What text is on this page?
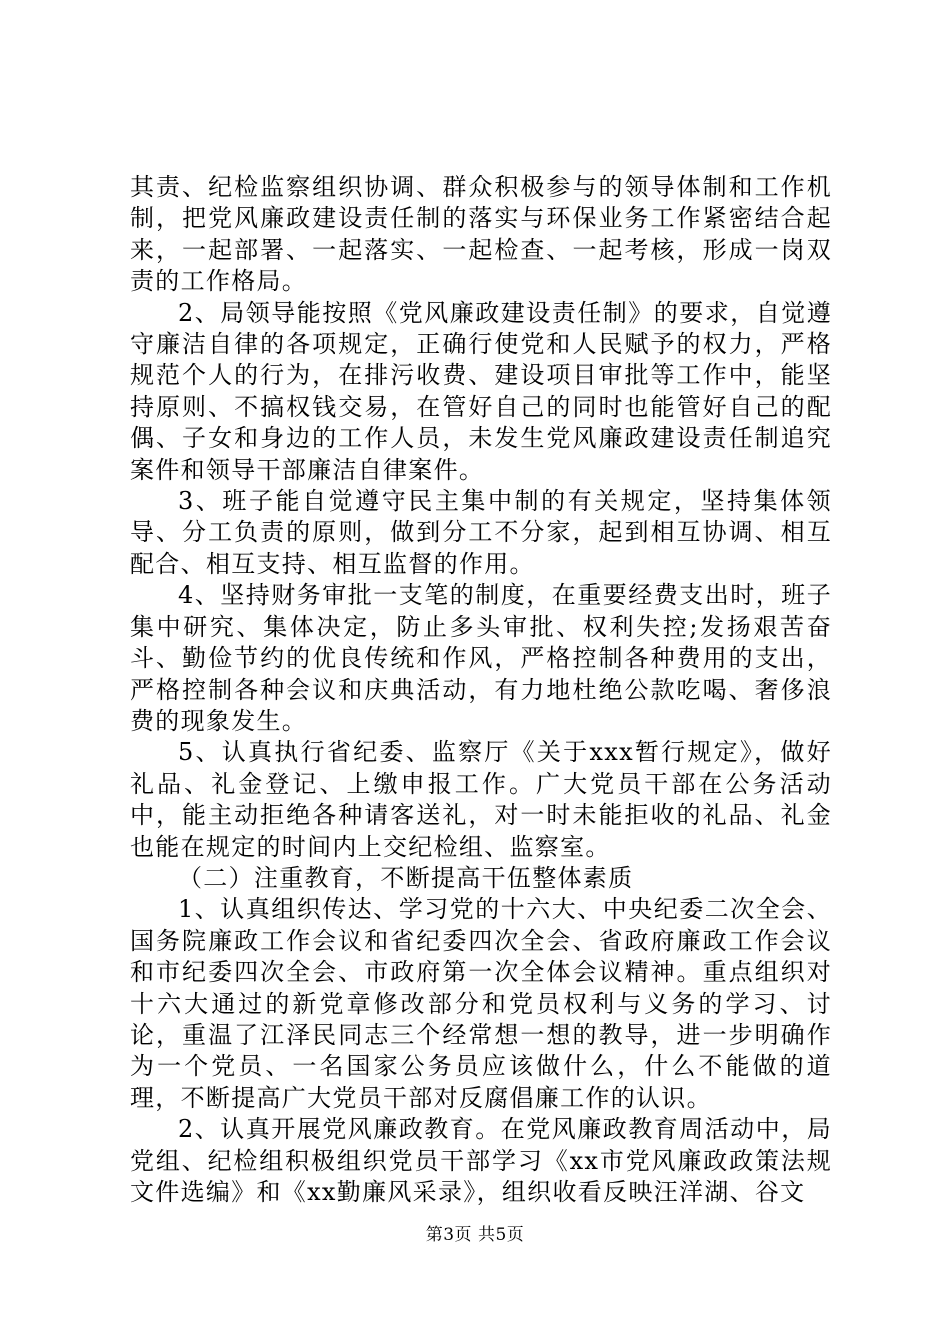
其责、纪检监察组织协调、群众积极参与的领导体制和工作机制，把党风廉政建设责任制的落实与环保业务工作紧密结合起来，一起部署、一起落实、一起检查、一起考核，形成一岗双责的工作格局。

2、局领导能按照《党风廉政建设责任制》的要求，自觉遵守廉洁自律的各项规定，正确行使党和人民赋予的权力，严格规范个人的行为，在排污收费、建设项目审批等工作中，能坚持原则、不搞权钱交易，在管好自己的同时也能管好自己的配偶、子女和身边的工作人员，未发生党风廉政建设责任制追究案件和领导干部廉洁自律案件。

3、班子能自觉遵守民主集中制的有关规定，坚持集体领导、分工负责的原则，做到分工不分家，起到相互协调、相互配合、相互支持、相互监督的作用。

4、坚持财务审批一支笔的制度，在重要经费支出时，班子集中研究、集体决定，防止多头审批、权利失控;发扬艰苦奋斗、勤俭节约的优良传统和作风，严格控制各种费用的支出，严格控制各种会议和庆典活动，有力地杜绝公款吃喝、奢侈浪费的现象发生。

5、认真执行省纪委、监察厅《关于xxx暂行规定》，做好礼品、礼金登记、上缴申报工作。广大党员干部在公务活动中，能主动拒绝各种请客送礼，对一时未能拒收的礼品、礼金也能在规定的时间内上交纪检组、监察室。

（二）注重教育，不断提高干伍整体素质

1、认真组织传达、学习党的十六大、中央纪委二次全会、国务院廉政工作会议和省纪委四次全会、省政府廉政工作会议和市纪委四次全会、市政府第一次全体会议精神。重点组织对十六大通过的新党章修改部分和党员权利与义务的学习、讨论，重温了江泽民同志三个经常想一想的教导，进一步明确作为一个党员、一名国家公务员应该做什么，什么不能做的道理，不断提高广大党员干部对反腐倡廉工作的认识。

2、认真开展党风廉政教育。在党风廉政教育周活动中，局党组、纪检组积极组织党员干部学习《xx市党风廉政政策法规文件选编》和《xx勤廉风采录》，组织收看反映汪洋湖、谷文

第3页 共5页
